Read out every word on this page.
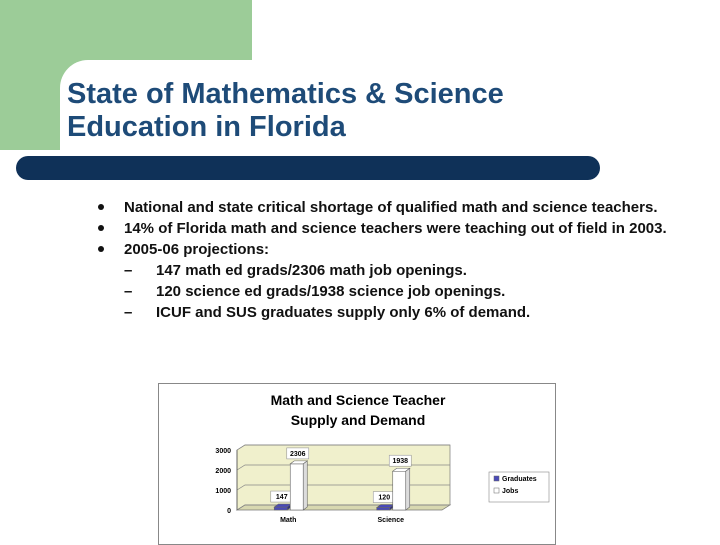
State of Mathematics & Science
Education in Florida
National and state critical shortage of qualified math and science teachers.
14% of Florida math and science teachers were teaching out of field in 2003.
2005-06 projections:
– 147 math ed grads/2306 math job openings.
– 120 science ed grads/1938 science job openings.
– ICUF and SUS graduates supply only 6% of demand.
Math and Science Teacher
Supply and Demand
0
1000
2000
3000
147
2306
Math
120
1938
Science
Graduates
Jobs
